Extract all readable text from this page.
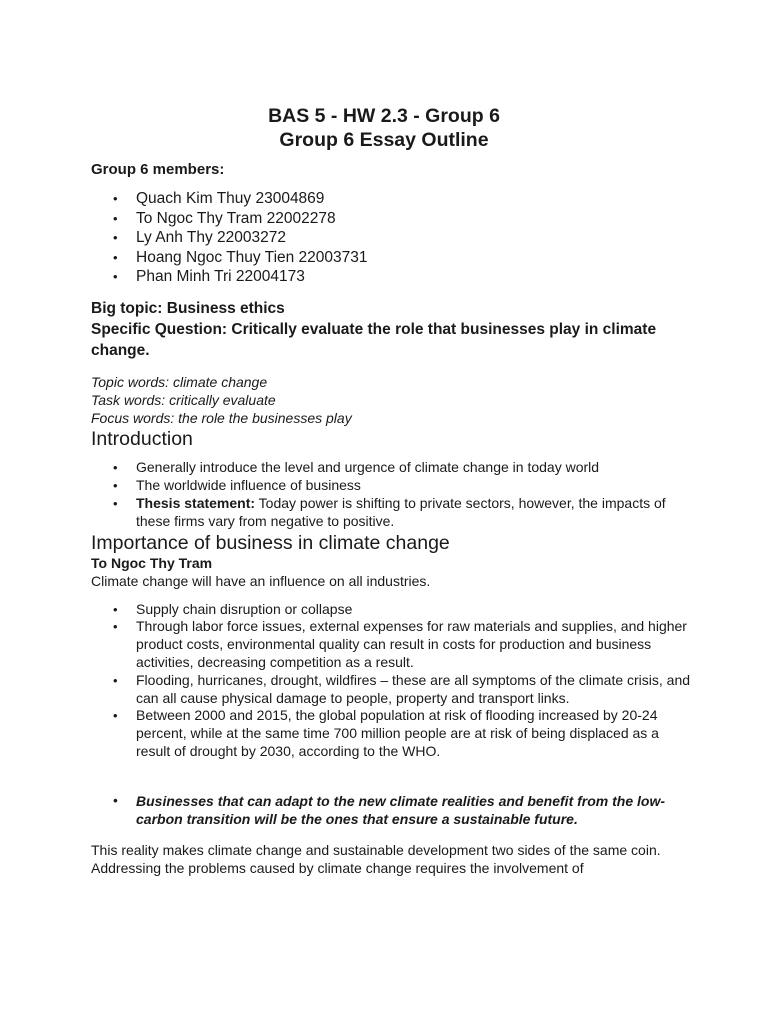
BAS 5 - HW 2.3 - Group 6
Group 6 Essay Outline
Group 6 members:
• Quach Kim Thuy 23004869
• To Ngoc Thy Tram 22002278
• Ly Anh Thy 22003272
• Hoang Ngoc Thuy Tien 22003731
• Phan Minh Tri 22004173
Big topic: Business ethics
Specific Question: Critically evaluate the role that businesses play in climate change.
Topic words: climate change
Task words: critically evaluate
Focus words: the role the businesses play
Introduction
• Generally introduce the level and urgence of climate change in today world
• The worldwide influence of business
• Thesis statement: Today power is shifting to private sectors, however, the impacts of these firms vary from negative to positive.
Importance of business in climate change
To Ngoc Thy Tram
Climate change will have an influence on all industries.
• Supply chain disruption or collapse
• Through labor force issues, external expenses for raw materials and supplies, and higher product costs, environmental quality can result in costs for production and business activities, decreasing competition as a result.
• Flooding, hurricanes, drought, wildfires – these are all symptoms of the climate crisis, and can all cause physical damage to people, property and transport links.
• Between 2000 and 2015, the global population at risk of flooding increased by 20-24 percent, while at the same time 700 million people are at risk of being displaced as a result of drought by 2030, according to the WHO.
• Businesses that can adapt to the new climate realities and benefit from the low-carbon transition will be the ones that ensure a sustainable future.
This reality makes climate change and sustainable development two sides of the same coin. Addressing the problems caused by climate change requires the involvement of
